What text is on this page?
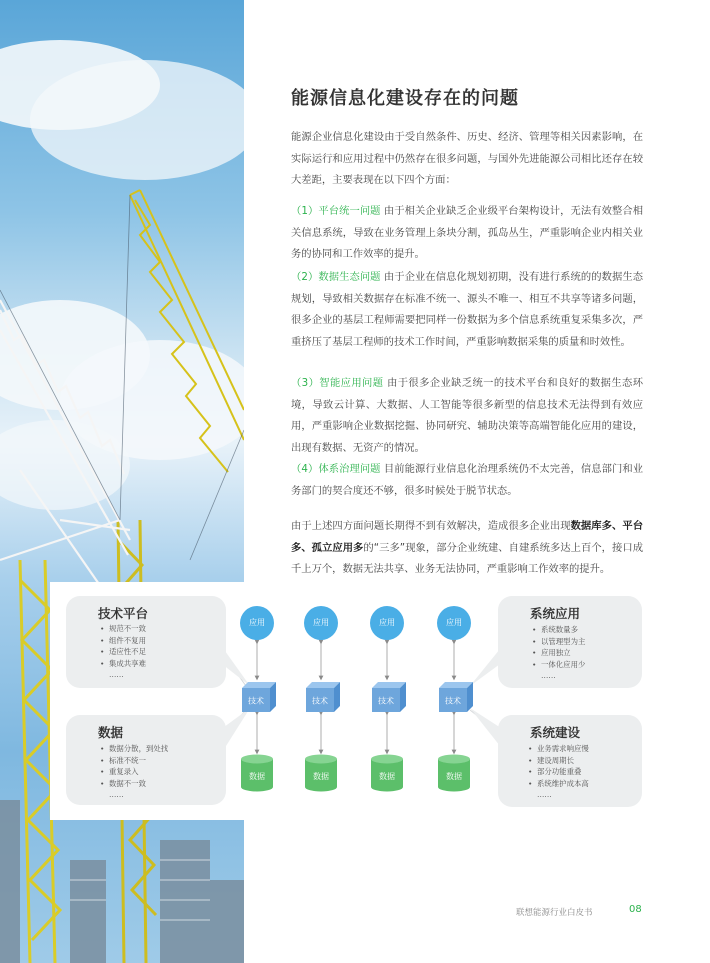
能源信息化建设存在的问题

能源企业信息化建设由于受自然条件、历史、经济、管理等相关因素影响，在实际运行和应用过程中仍然存在很多问题，与国外先进能源公司相比还存在较大差距，主要表现在以下四个方面：

（1）平台统一问题 由于相关企业缺乏企业级平台架构设计，无法有效整合相关信息系统，导致在业务管理上条块分割，孤岛丛生，严重影响企业内相关业务的协同和工作效率的提升。

（2）数据生态问题 由于企业在信息化规划初期，没有进行系统的的数据生态规划，导致相关数据存在标准不统一、源头不唯一、相互不共享等诸多问题，很多企业的基层工程师需要把同样一份数据为多个信息系统重复采集多次，严重挤压了基层工程师的技术工作时间，严重影响数据采集的质量和时效性。

（3）智能应用问题 由于很多企业缺乏统一的技术平台和良好的数据生态环境，导致云计算、大数据、人工智能等很多新型的信息技术无法得到有效应用，严重影响企业数据挖掘、协同研究、辅助决策等高端智能化应用的建设，出现有数据、无资产的情况。

（4）体系治理问题 目前能源行业信息化治理系统仍不太完善，信息部门和业务部门的契合度还不够，很多时候处于脱节状态。

由于上述四方面问题长期得不到有效解决，造成很多企业出现数据库多、平台多、孤立应用多的“三多”现象，部分企业统建、自建系统多达上百个，接口成千上万个，数据无法共享、业务无法协同，严重影响工作效率的提升。

技术平台
• 规范不一致
• 组件不复用
• 适应性不足
• 集成共享难
……
数据
• 数据分散，到处找
• 标准不统一
• 重复录入
• 数据不一致
……
系统应用
• 系统数量多
• 以管理型为主
• 应用独立
• 一体化应用少
……
系统建设
• 业务需求响应慢
• 建设周期长
• 部分功能重叠
• 系统维护成本高
……
应用
技术
数据
应用
技术
数据
应用
技术
数据
应用
技术
数据
联想能源行业白皮书	08
